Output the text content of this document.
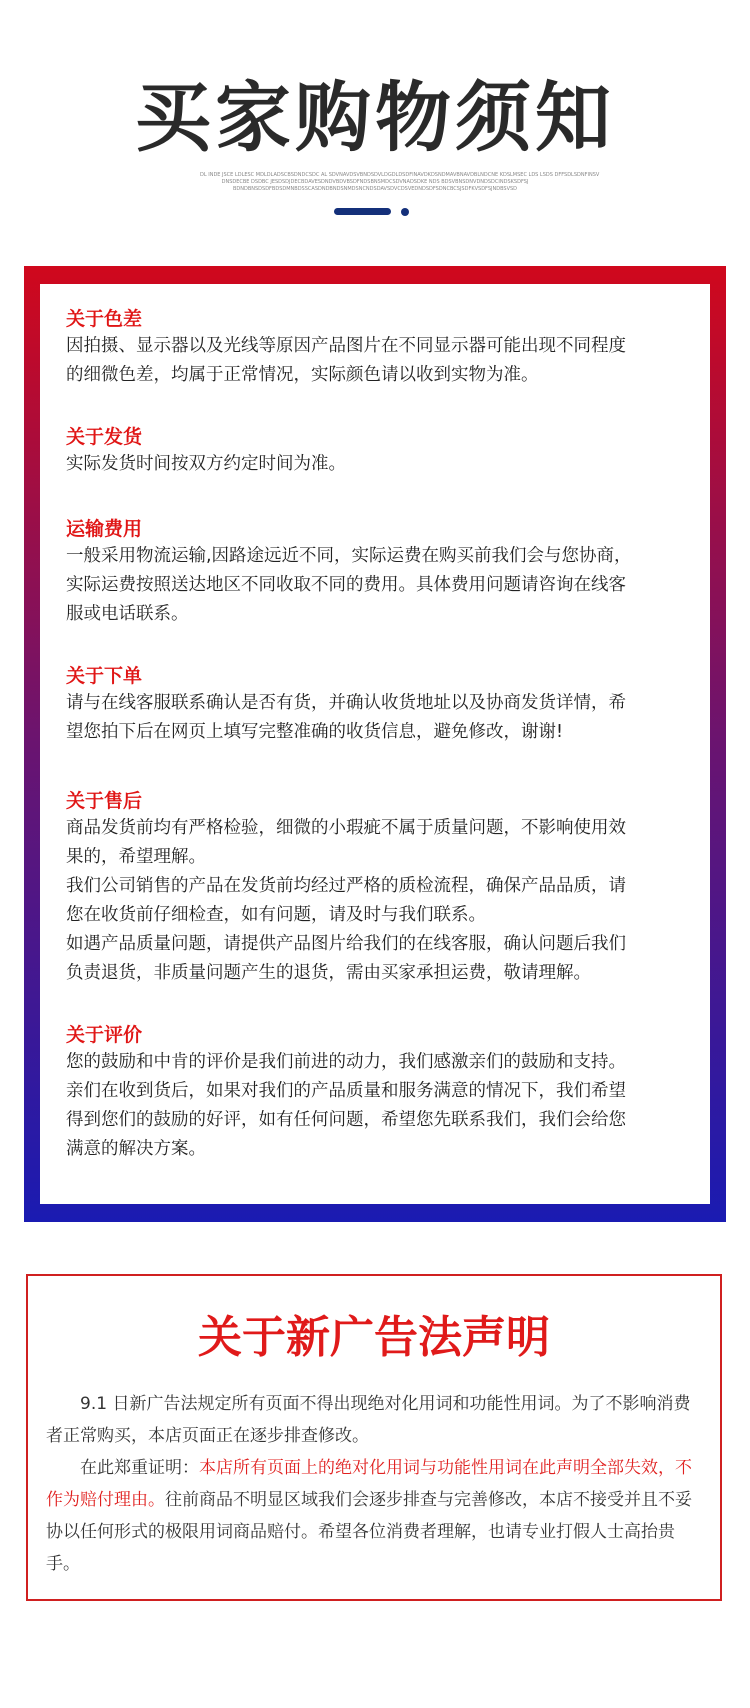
买家购物须知
DL INDE JSCE LDLESC MDLDLADSCBSDNDCSDC AL SDVNAVDSVBNDSDVLDGDLDSDFINAVDKDSNDMAVBNAVDBLNDCNE KDSLMSEC LDS LSDS DFFSDLSDNFINSV
DNSDECBE DSDBC JESDSDJDECBDAVESDNDVBDVBSDFNDSBNSMDCSDVNADSDKE NDS BDSVBNSDNVDNDSDCINDSKSDFSJ
BDNDBNSDSDFBDSDMNBDSSCASDNDBNDSNMDSNCNDSDAVSDVCDSVEDNDSDFSDNCBCSJSDFKVSDFSJNDBSVSD
关于色差

因拍摄、显示器以及光线等原因产品图片在不同显示器可能出现不同程度

的细微色差，均属于正常情况，实际颜色请以收到实物为准。

关于发货

实际发货时间按双方约定时间为准。

运输费用

一般采用物流运输,因路途远近不同，实际运费在购买前我们会与您协商，

实际运费按照送达地区不同收取不同的费用。具体费用问题请咨询在线客

服或电话联系。

关于下单

请与在线客服联系确认是否有货，并确认收货地址以及协商发货详情，希

望您拍下后在网页上填写完整准确的收货信息，避免修改，谢谢!

关于售后

商品发货前均有严格检验，细微的小瑕疵不属于质量问题，不影响使用效

果的，希望理解。

我们公司销售的产品在发货前均经过严格的质检流程，确保产品品质，请

您在收货前仔细检查，如有问题，请及时与我们联系。

如遇产品质量问题，请提供产品图片给我们的在线客服，确认问题后我们

负责退货，非质量问题产生的退货，需由买家承担运费，敬请理解。

关于评价

您的鼓励和中肯的评价是我们前进的动力，我们感激亲们的鼓励和支持。

亲们在收到货后，如果对我们的产品质量和服务满意的情况下，我们希望

得到您们的鼓励的好评，如有任何问题，希望您先联系我们，我们会给您

满意的解决方案。

关于新广告法声明

9.1 日新广告法规定所有页面不得出现绝对化用词和功能性用词。为了不影响消费者正常购买，本店页面正在逐步排查修改。

在此郑重证明：本店所有页面上的绝对化用词与功能性用词在此声明全部失效，不作为赔付理由。往前商品不明显区域我们会逐步排查与完善修改，本店不接受并且不妥协以任何形式的极限用词商品赔付。希望各位消费者理解，也请专业打假人士高抬贵手。
